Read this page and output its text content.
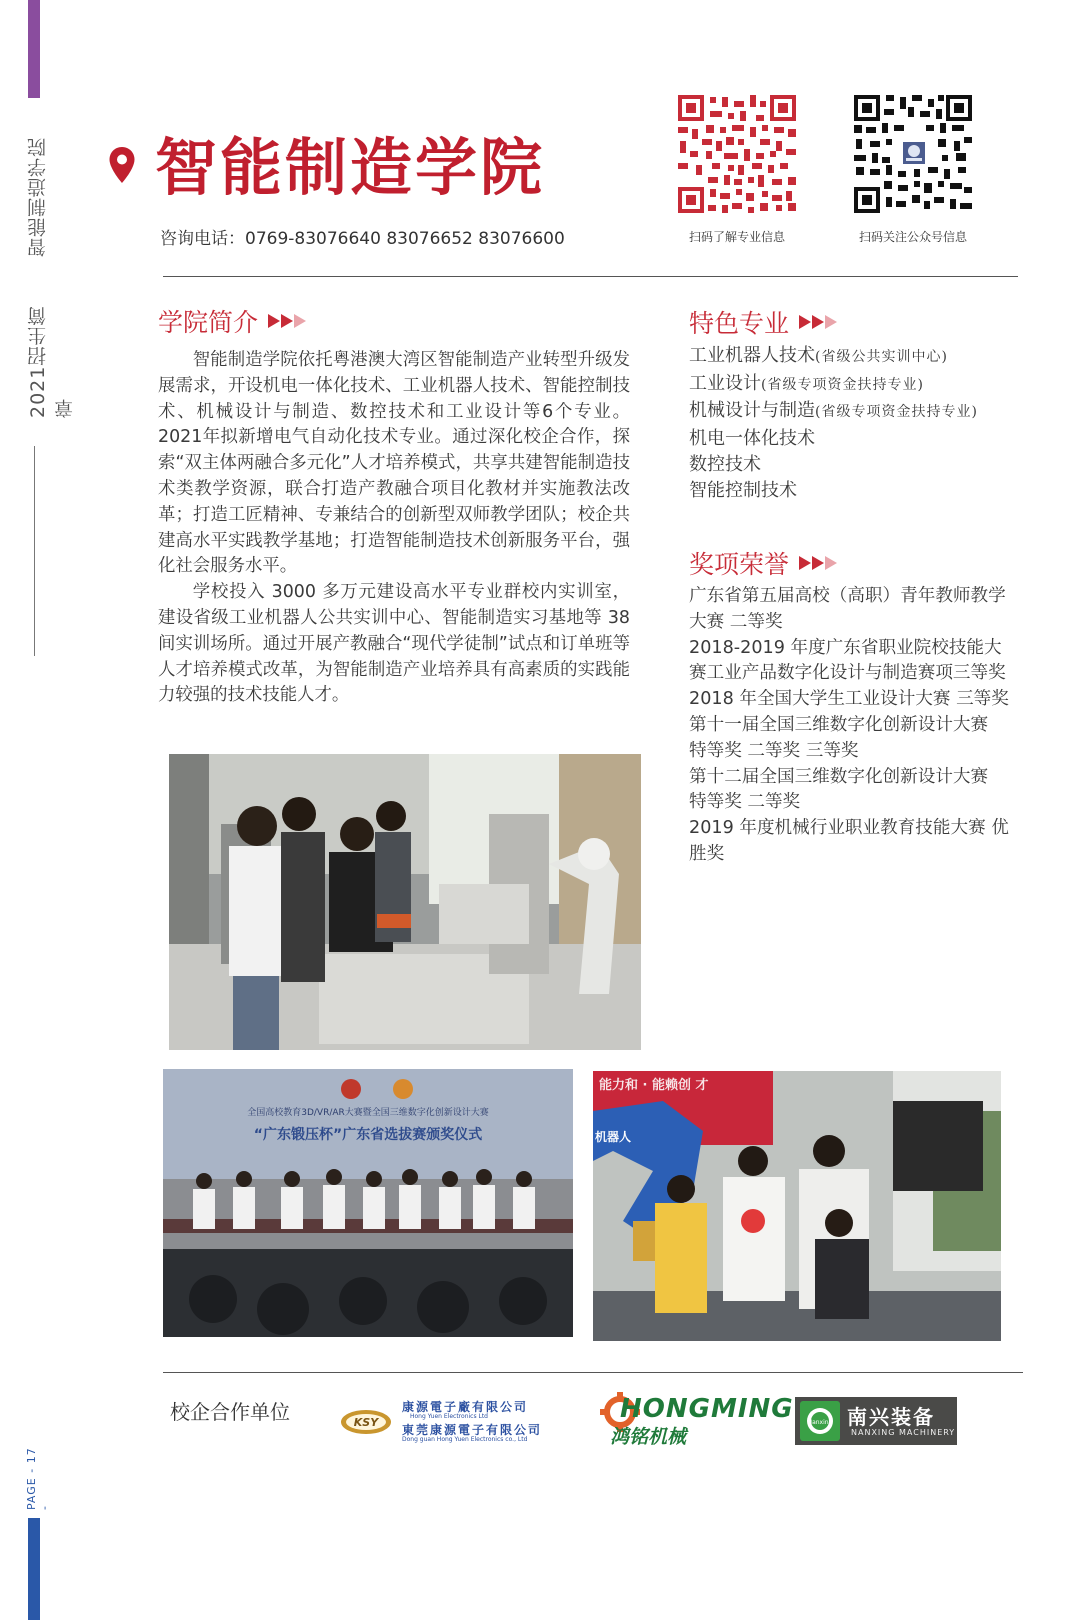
智能制造学院
2021招生简章
PAGE - 17 -
智能制造学院
咨询电话：0769-83076640 83076652 83076600	扫码了解专业信息	扫码关注公众号信息
学院简介

智能制造学院依托粤港澳大湾区智能制造产业转型升级发展需求，开设机电一体化技术、工业机器人技术、智能控制技术、机械设计与制造、数控技术和工业设计等6个专业。2021年拟新增电气自动化技术专业。通过深化校企合作，探索“双主体两融合多元化”人才培养模式，共享共建智能制造技术类教学资源，联合打造产教融合项目化教材并实施教法改革；打造工匠精神、专兼结合的创新型双师教学团队；校企共建高水平实践教学基地；打造智能制造技术创新服务平台，强化社会服务水平。

学校投入 3000 多万元建设高水平专业群校内实训室，建设省级工业机器人公共实训中心、智能制造实习基地等 38 间实训场所。通过开展产教融合“现代学徒制”试点和订单班等人才培养模式改革，为智能制造产业培养具有高素质的实践能力较强的技术技能人才。

特色专业
工业机器人技术(省级公共实训中心)
工业设计(省级专项资金扶持专业)
机械设计与制造(省级专项资金扶持专业)
机电一体化技术
数控技术
智能控制技术
奖项荣誉
广东省第五届高校（高职）青年教师教学大赛 二等奖
2018-2019 年度广东省职业院校技能大赛工业产品数字化设计与制造赛项三等奖
2018 年全国大学生工业设计大赛 三等奖
第十一届全国三维数字化创新设计大赛 特等奖 二等奖 三等奖
第十二届全国三维数字化创新设计大赛 特等奖 二等奖
2019 年度机械行业职业教育技能大赛 优胜奖
全国高校教育3D/VR/AR大赛暨全国三维数字化创新设计大赛
“广东锻压杯”广东省选拔赛颁奖仪式
能力和 · 能赖创 才
机器人
校企合作单位	KSY
康源電子廠有限公司
Hong Yuen Electronics Ltd
東莞康源電子有限公司
Dong guan Hong Yuen Electronics co., Ltd
HONGMING
鸿铭机械
Nanxing 南兴装备
NANXING MACHINERY
